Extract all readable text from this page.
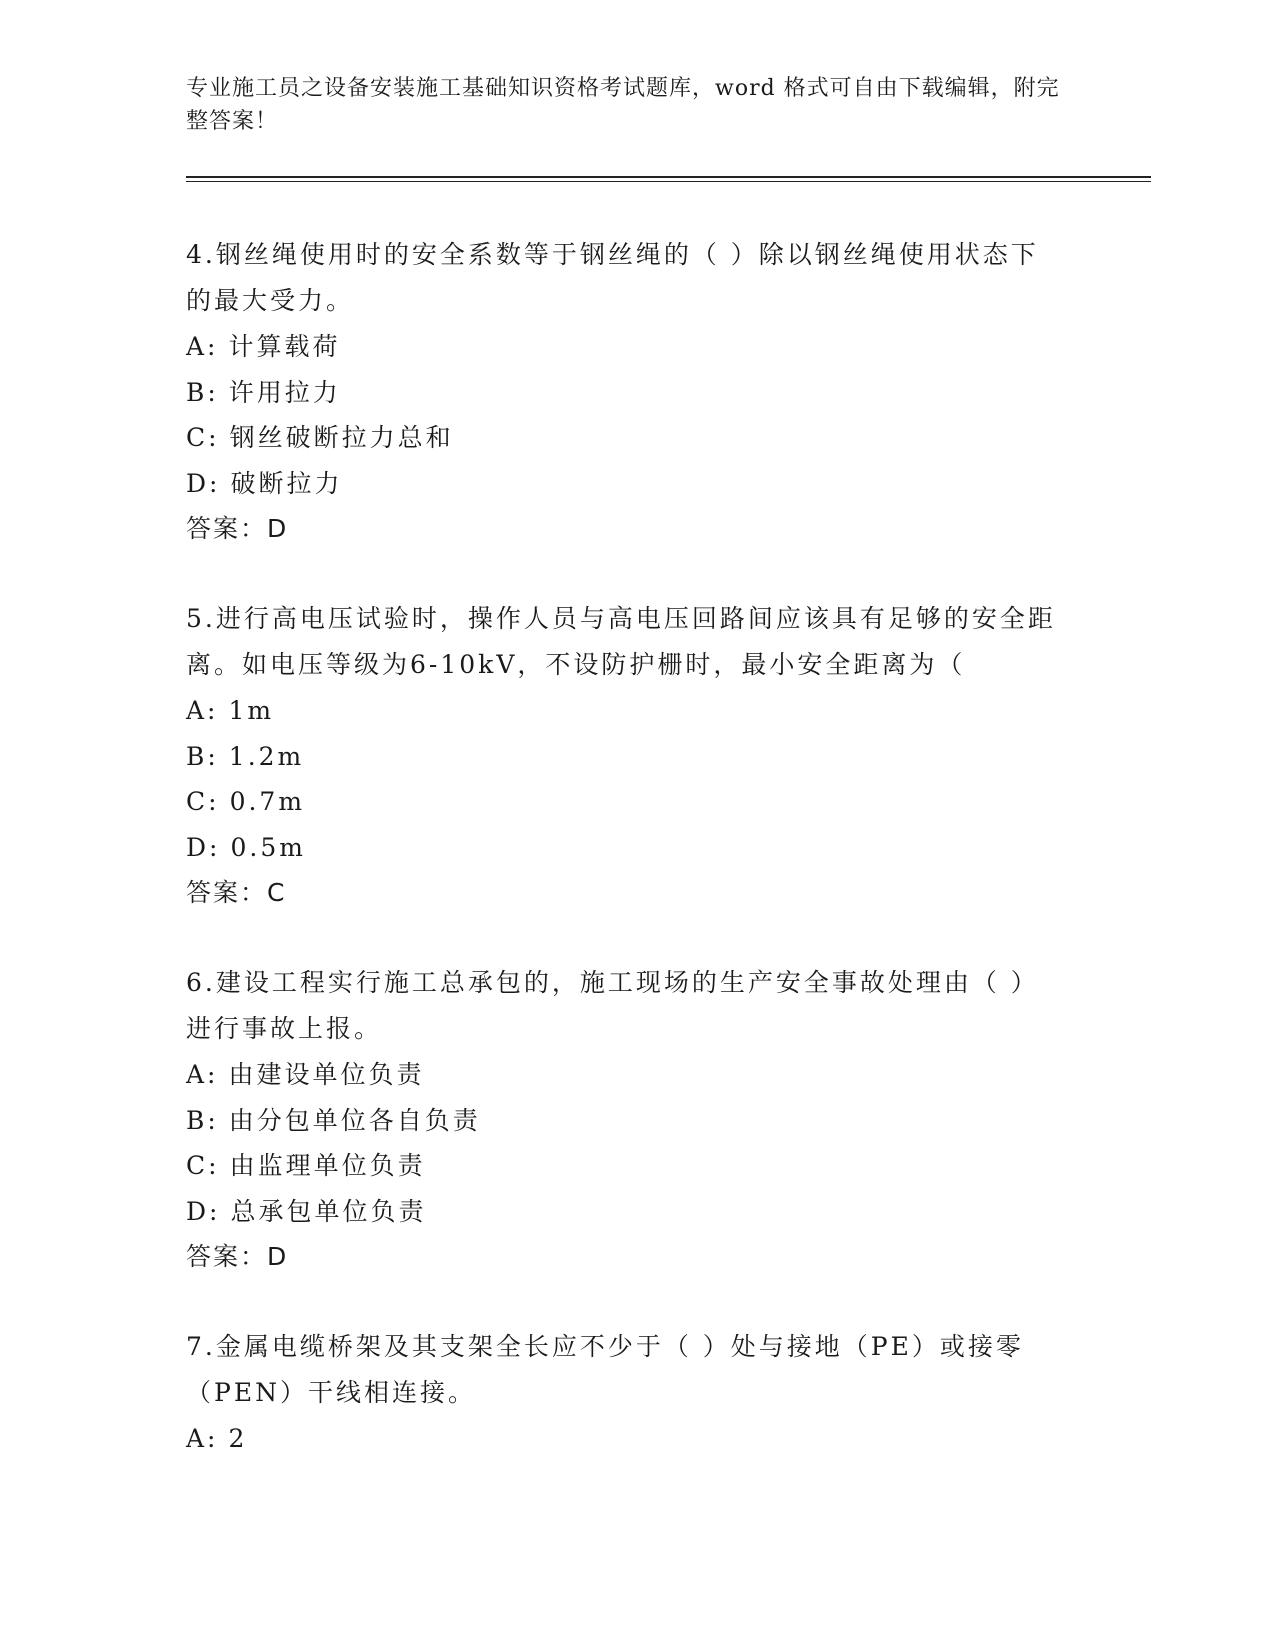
专业施工员之设备安装施工基础知识资格考试题库，word 格式可自由下载编辑，附完整答案！
4.钢丝绳使用时的安全系数等于钢丝绳的（ ）除以钢丝绳使用状态下的最大受力。
A: 计算载荷
B: 许用拉力
C: 钢丝破断拉力总和
D: 破断拉力
答案：D
5.进行高电压试验时，操作人员与高电压回路间应该具有足够的安全距离。如电压等级为6-10kV，不设防护栅时，最小安全距离为（
A: 1m
B: 1.2m
C: 0.7m
D: 0.5m
答案：C
6.建设工程实行施工总承包的，施工现场的生产安全事故处理由（ ）进行事故上报。
A: 由建设单位负责
B: 由分包单位各自负责
C: 由监理单位负责
D: 总承包单位负责
答案：D
7.金属电缆桥架及其支架全长应不少于（ ）处与接地（PE）或接零（PEN）干线相连接。
A: 2
